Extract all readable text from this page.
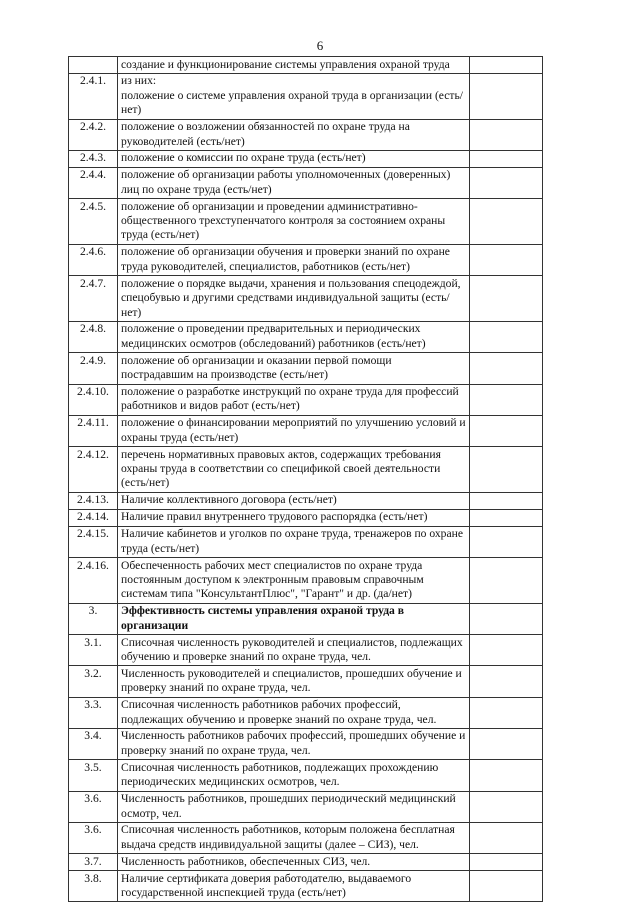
6
	создание и функционирование системы управления охраной труда	
2.4.1.	из них:
положение о системе управления охраной труда в организации (есть/нет)	
2.4.2.	положение о возложении обязанностей по охране труда на руководителей (есть/нет)	
2.4.3.	положение о комиссии по охране труда (есть/нет)	
2.4.4.	положение об организации работы уполномоченных (доверенных) лиц по охране труда (есть/нет)	
2.4.5.	положение об организации и проведении административно-общественного трехступенчатого контроля за состоянием охраны труда (есть/нет)	
2.4.6.	положение об организации обучения и проверки знаний по охране труда руководителей, специалистов, работников (есть/нет)	
2.4.7.	положение о порядке выдачи, хранения и пользования спецодеждой, спецобувью и другими средствами индивидуальной защиты (есть/нет)	
2.4.8.	положение о проведении предварительных и периодических медицинских осмотров (обследований) работников (есть/нет)	
2.4.9.	положение об организации и оказании первой помощи пострадавшим на производстве (есть/нет)	
2.4.10.	положение о разработке инструкций по охране труда для профессий работников и видов работ (есть/нет)	
2.4.11.	положение о финансировании мероприятий по улучшению условий и охраны труда (есть/нет)	
2.4.12.	перечень нормативных правовых актов, содержащих требования охраны труда в соответствии со спецификой своей деятельности (есть/нет)	
2.4.13.	Наличие коллективного договора (есть/нет)	
2.4.14.	Наличие правил внутреннего трудового распорядка (есть/нет)	
2.4.15.	Наличие кабинетов и уголков по охране труда, тренажеров по охране труда (есть/нет)	
2.4.16.	Обеспеченность рабочих мест специалистов по охране труда постоянным доступом к электронным правовым справочным системам типа "КонсультантПлюс", "Гарант" и др. (да/нет)	
3.	Эффективность системы управления охраной труда в организации	
3.1.	Списочная численность руководителей и специалистов, подлежащих обучению и проверке знаний по охране труда, чел.	
3.2.	Численность руководителей и специалистов, прошедших обучение и проверку знаний по охране труда, чел.	
3.3.	Списочная численность работников рабочих профессий, подлежащих обучению и проверке знаний по охране труда, чел.	
3.4.	Численность работников рабочих профессий, прошедших обучение и проверку знаний по охране труда, чел.	
3.5.	Списочная численность работников, подлежащих прохождению периодических медицинских осмотров, чел.	
3.6.	Численность работников, прошедших периодический медицинский осмотр, чел.	
3.6.	Списочная численность работников, которым положена бесплатная выдача средств индивидуальной защиты (далее – СИЗ), чел.	
3.7.	Численность работников, обеспеченных СИЗ, чел.	
3.8.	Наличие сертификата доверия работодателю, выдаваемого государственной инспекцией труда (есть/нет)	
